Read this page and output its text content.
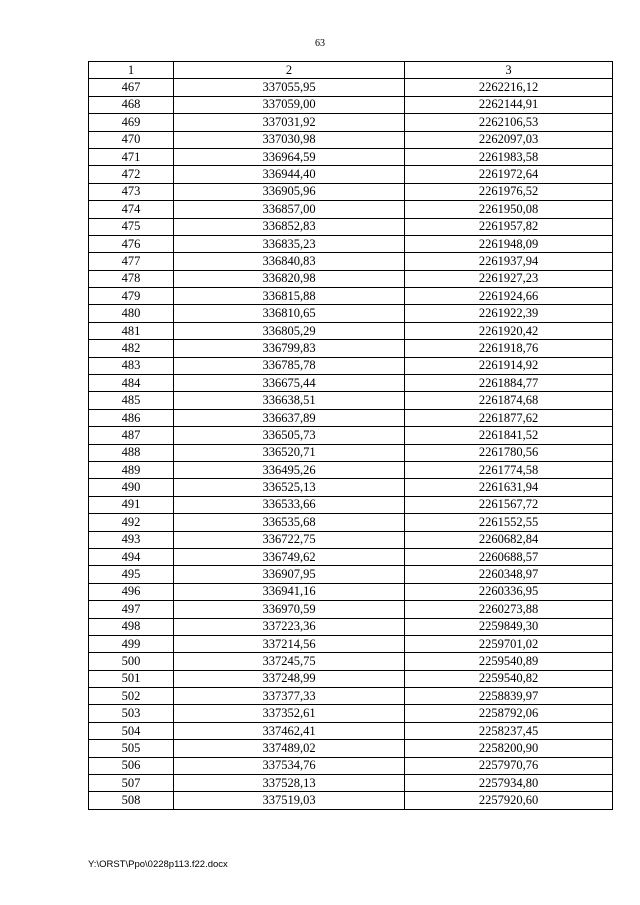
63
1	2	3
467	337055,95	2262216,12
468	337059,00	2262144,91
469	337031,92	2262106,53
470	337030,98	2262097,03
471	336964,59	2261983,58
472	336944,40	2261972,64
473	336905,96	2261976,52
474	336857,00	2261950,08
475	336852,83	2261957,82
476	336835,23	2261948,09
477	336840,83	2261937,94
478	336820,98	2261927,23
479	336815,88	2261924,66
480	336810,65	2261922,39
481	336805,29	2261920,42
482	336799,83	2261918,76
483	336785,78	2261914,92
484	336675,44	2261884,77
485	336638,51	2261874,68
486	336637,89	2261877,62
487	336505,73	2261841,52
488	336520,71	2261780,56
489	336495,26	2261774,58
490	336525,13	2261631,94
491	336533,66	2261567,72
492	336535,68	2261552,55
493	336722,75	2260682,84
494	336749,62	2260688,57
495	336907,95	2260348,97
496	336941,16	2260336,95
497	336970,59	2260273,88
498	337223,36	2259849,30
499	337214,56	2259701,02
500	337245,75	2259540,89
501	337248,99	2259540,82
502	337377,33	2258839,97
503	337352,61	2258792,06
504	337462,41	2258237,45
505	337489,02	2258200,90
506	337534,76	2257970,76
507	337528,13	2257934,80
508	337519,03	2257920,60
Y:\ORST\Ppo\0228p113.f22.docx
